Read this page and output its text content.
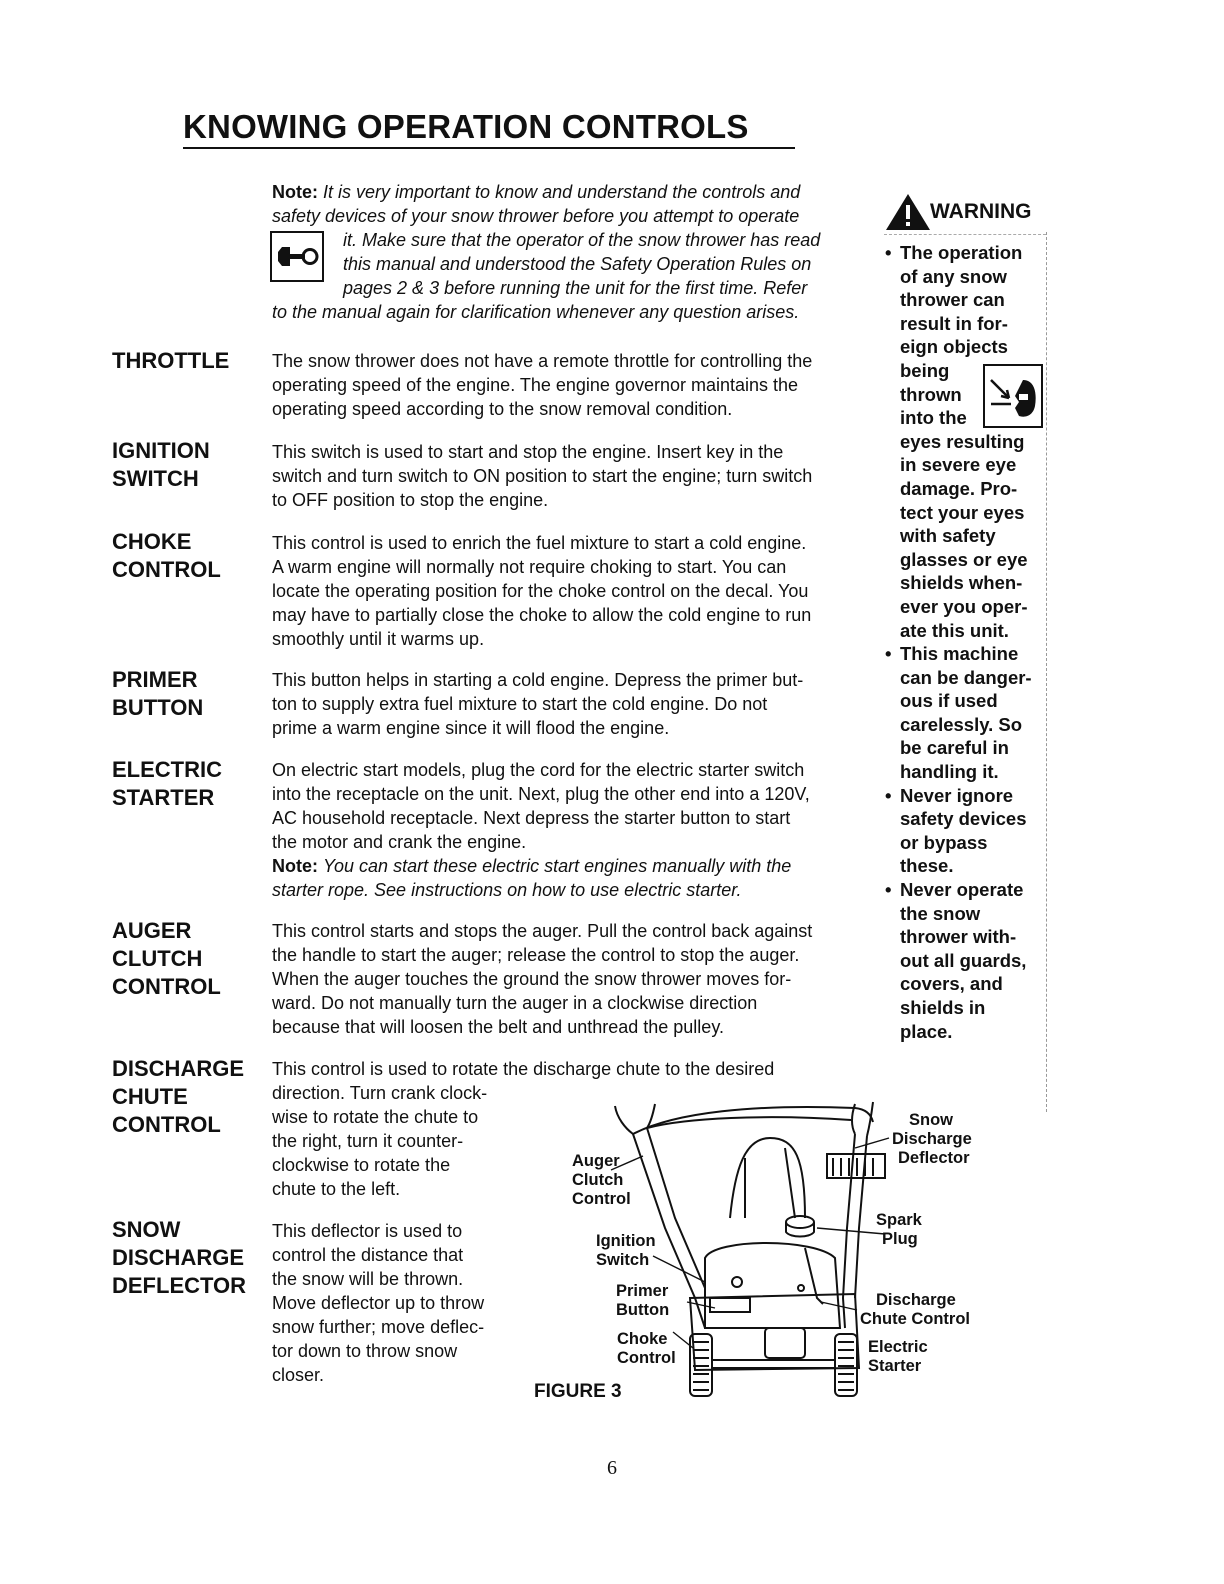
KNOWING OPERATION CONTROLS

Note: It is very important to know and understand the controls and

safety devices of your snow thrower before you attempt to operate

it. Make sure that the operator of the snow thrower has read

this manual and understood the Safety Operation Rules on

pages 2 & 3 before running the unit for the first time. Refer

to the manual again for clarification whenever any question arises.

THROTTLE	The snow thrower does not have a remote throttle for controlling the

operating speed of the engine. The engine governor maintains the

operating speed according to the snow removal condition.

IGNITION
SWITCH

This switch is used to start and stop the engine. Insert key in the

switch and turn switch to ON position to start the engine; turn switch

to OFF position to stop the engine.

CHOKE
CONTROL

This control is used to enrich the fuel mixture to start a cold engine.

A warm engine will normally not require choking to start. You can

locate the operating position for the choke control on the decal. You

may have to partially close the choke to allow the cold engine to run

smoothly until it warms up.

PRIMER
BUTTON

This button helps in starting a cold engine. Depress the primer but-

ton to supply extra fuel mixture to start the cold engine. Do not

prime a warm engine since it will flood the engine.

ELECTRIC
STARTER

On electric start models, plug the cord for the electric starter switch

into the receptacle on the unit. Next, plug the other end into a 120V,

AC household receptacle. Next depress the starter button to start

the motor and crank the engine.

Note: You can start these electric start engines manually with the

starter rope. See instructions on how to use electric starter.

AUGER
CLUTCH
CONTROL

This control starts and stops the auger. Pull the control back against

the handle to start the auger; release the control to stop the auger.

When the auger touches the ground the snow thrower moves for-

ward. Do not manually turn the auger in a clockwise direction

because that will loosen the belt and unthread the pulley.

DISCHARGE
CHUTE
CONTROL

This control is used to rotate the discharge chute to the desired

direction. Turn crank clock-

wise to rotate the chute to

the right, turn it counter-

clockwise to rotate the

chute to the left.

SNOW
DISCHARGE
DEFLECTOR

This deflector is used to

control the distance that

the snow will be thrown.

Move deflector up to throw

snow further; move deflec-

tor down to throw snow

closer.

WARNING
• The operation
of any snow
thrower can
result in for-
eign objects
being
thrown
into the
eyes resulting
in severe eye
damage. Pro-
tect your eyes
with safety
glasses or eye
shields when-
ever you oper-
ate this unit.
• This machine
can be danger-
ous if used
carelessly. So
be careful in
handling it.
• Never ignore
safety devices
or bypass
these.
• Never operate
the snow
thrower with-
out all guards,
covers, and
shields in
place.
Auger
Clutch
Control
Ignition
Switch
Primer
Button
Choke
Control
Snow
Discharge
Deflector
Spark
Plug
Discharge
Chute Control
Electric
Starter
FIGURE 3
6
